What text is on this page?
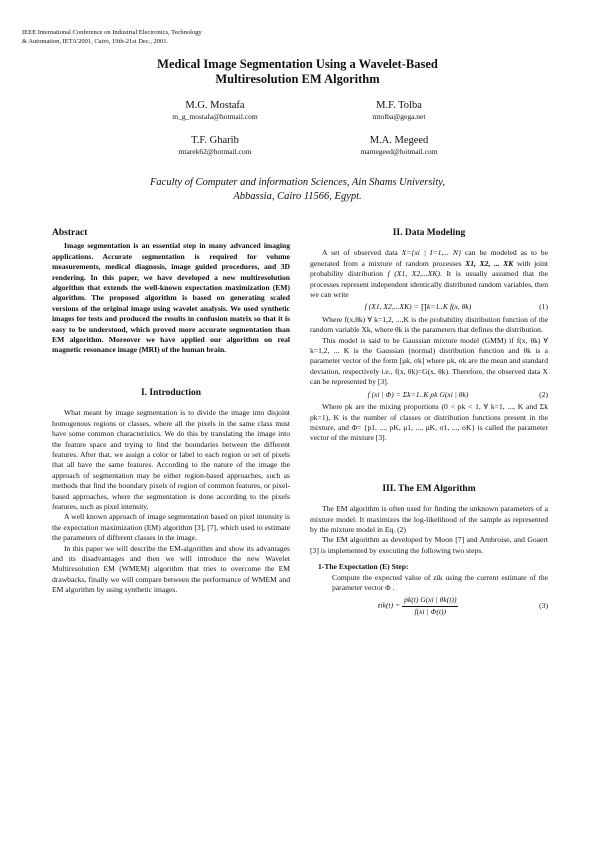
IEEE International Conference on Industrial Electronics, Technology
& Automation, IETA'2001, Cairo, 19th-21st Dec., 2001.
Medical Image Segmentation Using a Wavelet-Based
Multiresolution EM Algorithm
M.G. Mostafa
m_g_mostafa@hotmail.com
M.F. Tolba
mtolba@gega.net
T.F. Gharib
mtarek62@hotmail.com
M.A. Megeed
mamegeed@hotmail.com
Faculty of Computer and information Sciences, Ain Shams University,
Abbassia, Cairo 11566, Egypt.
Abstract

Image segmentation is an essential step in many advanced imaging applications. Accurate segmentation is required for volume measurements, medical diagnosis, image guided procedures, and 3D rendering. In this paper, we have developed a new multiresolution algorithm that extends the well-known expectation maximization (EM) algorithm. The proposed algorithm is based on generating scaled versions of the original image using wavelet analysis. We used synthetic images for tests and produced the results in confusion matrix so that it is easy to be understood, which proved more accurate segmentation than EM algorithm. Moreover we have applied our algorithm on real magnetic resonance image (MRI) of the human brain.

I. Introduction

What meant by image segmentation is to divide the image into disjoint homogenous regions or classes, where all the pixels in the same class must have some common characteristics. We do this by translating the image into the feature space and trying to find the boundaries between the different features. After that, we assign a color or label to each region or set of pixels that all have the same features. According to the nature of the image the approach of segmentation may be either region-based approaches, such as methods that find the boundary pixels of region of common features, or pixel-based approaches, where the segmentation is done according to the pixels features, such as pixel intensity.

A well known approach of image segmentation based on pixel intensity is the expectation maximization (EM) algorithm [3], [7], which used to estimate the parameters of different classes in the image.

In this paper we will describe the EM-algorithm and show its advantages and its disadvantages and then we will introduce the new Wavelet Multiresolution EM (WMEM) algorithm that tries to overcome the EM drawbacks, finally we will compare between the performance of WMEM and EM algorithm by using synthetic images.

II. Data Modeling

A set of observed data X={xi | I=1,... N} can be modeled as to be generated from a mixture of random processes X1, X2, ... XK with joint probability distribution f (X1, X2,...XK). It is usually assumed that the processes represent independent identically distributed random variables, then we can write

f (X1, X2,...XK) = ∏k=1..K f(x, θk)	(1)

Where f(x,θk) ∀ k=1,2, ...,K is the probability distribution function of the random variable Xk, where θk is the parameters that defines the distribution.

This model is said to be Gaussian mixture model (GMM) if f(x, θk) ∀ k=1,2, ... K is the Gaussian (normal) distribution function and θk is a parameter vector of the form [μk, σk] where μk, σk are the mean and standard deviation, respectively i.e., f(x, θk)=G(x, θk). Therefore, the observed data X can be represented by [3].

f (xi | Φ) = Σk=1..K pk G(xi | θk)	(2)

Where pk are the mixing proportions (0 < pk < 1, ∀ k=1, ..., K and Σk pk=1), K is the number of classes or distribution functions present in the mixture, and Φ= {p1, ..., pK, μ1, ..., μK, σ1, ..., σK} is called the parameter vector of the mixture [3].

III. The EM Algorithm

The EM algorithm is often used for finding the unknown parameters of a mixture model. It maximizes the log-likelihood of the sample as represented by the mixture model in Eq. (2)

The EM algorithm as developed by Moon [7] and Ambroise, and Goaert [3] is implemented by executing the following two steps.

1-The Expectation (E) Step:

Compute the expected value of zik using the current estimate of the parameter vector Φ .

$zik(t) = \frac{pk(t) G(xi | \theta k(t))}{f(xi | \Phi(t))}$	(3)
